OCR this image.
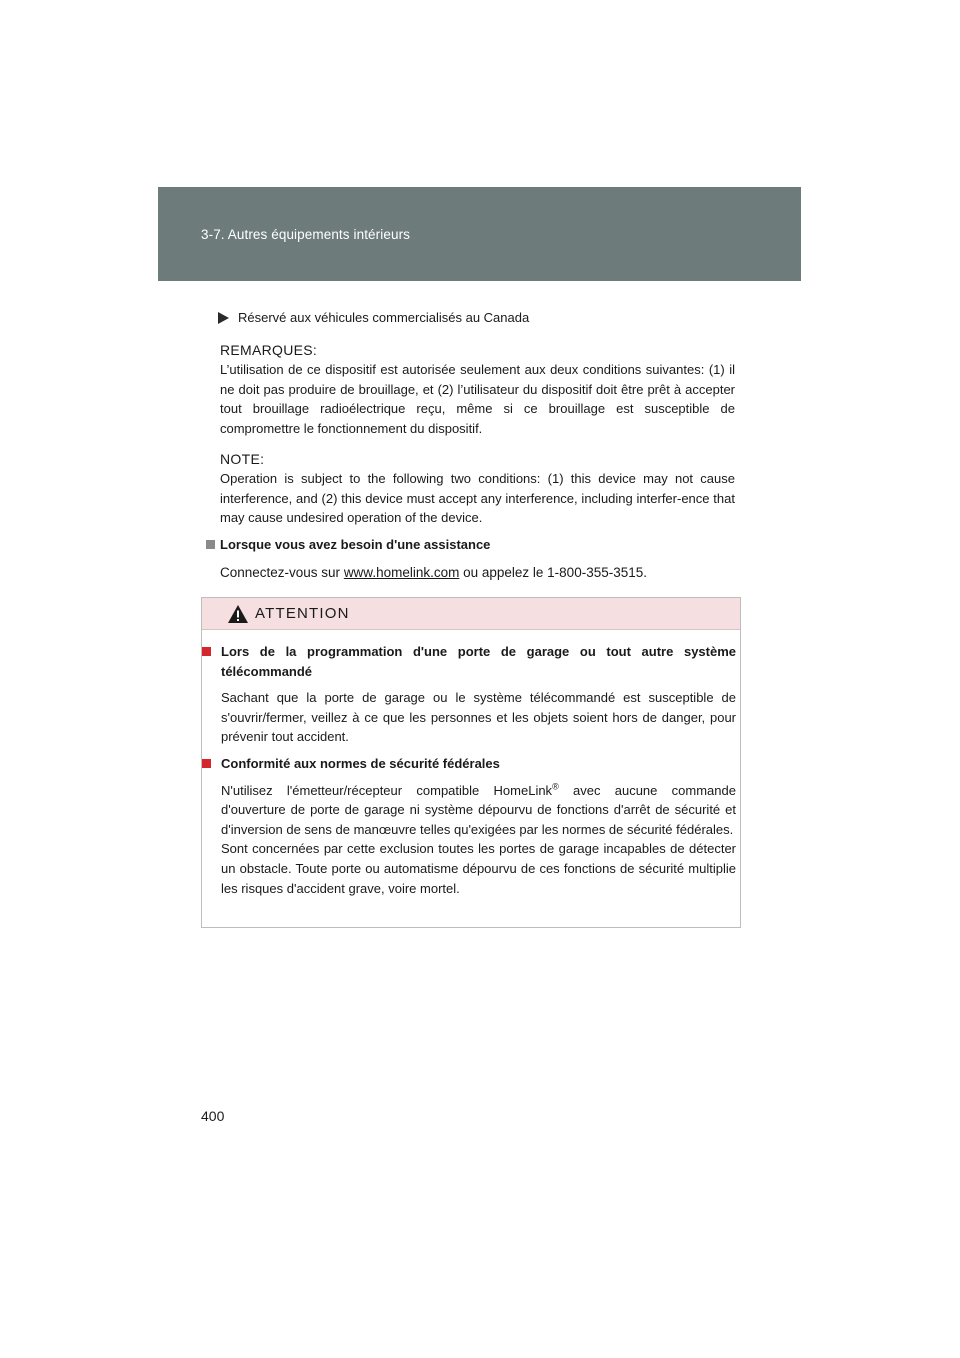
3-7. Autres équipements intérieurs
Réservé aux véhicules commercialisés au Canada
REMARQUES:
L’utilisation de ce dispositif est autorisée seulement aux deux conditions suivantes: (1) il ne doit pas produire de brouillage, et (2) l’utilisateur du dispositif doit être prêt à accepter tout brouillage radioélectrique reçu, même si ce brouillage est susceptible de compromettre le fonctionnement du dispositif.
NOTE:
Operation is subject to the following two conditions: (1) this device may not cause interference, and (2) this device must accept any interference, including interfer-ence that may cause undesired operation of the device.
Lorsque vous avez besoin d'une assistance
Connectez-vous sur www.homelink.com ou appelez le 1-800-355-3515.
ATTENTION
Lors de la programmation d'une porte de garage ou tout autre système télécommandé
Sachant que la porte de garage ou le système télécommandé est susceptible de s'ouvrir/fermer, veillez à ce que les personnes et les objets soient hors de danger, pour prévenir tout accident.
Conformité aux normes de sécurité fédérales
N'utilisez l'émetteur/récepteur compatible HomeLink® avec aucune commande d'ouverture de porte de garage ni système dépourvu de fonctions d'arrêt de sécurité et d'inversion de sens de manœuvre telles qu'exigées par les normes de sécurité fédérales.
Sont concernées par cette exclusion toutes les portes de garage incapables de détecter un obstacle. Toute porte ou automatisme dépourvu de ces fonctions de sécurité multiplie les risques d'accident grave, voire mortel.
400
